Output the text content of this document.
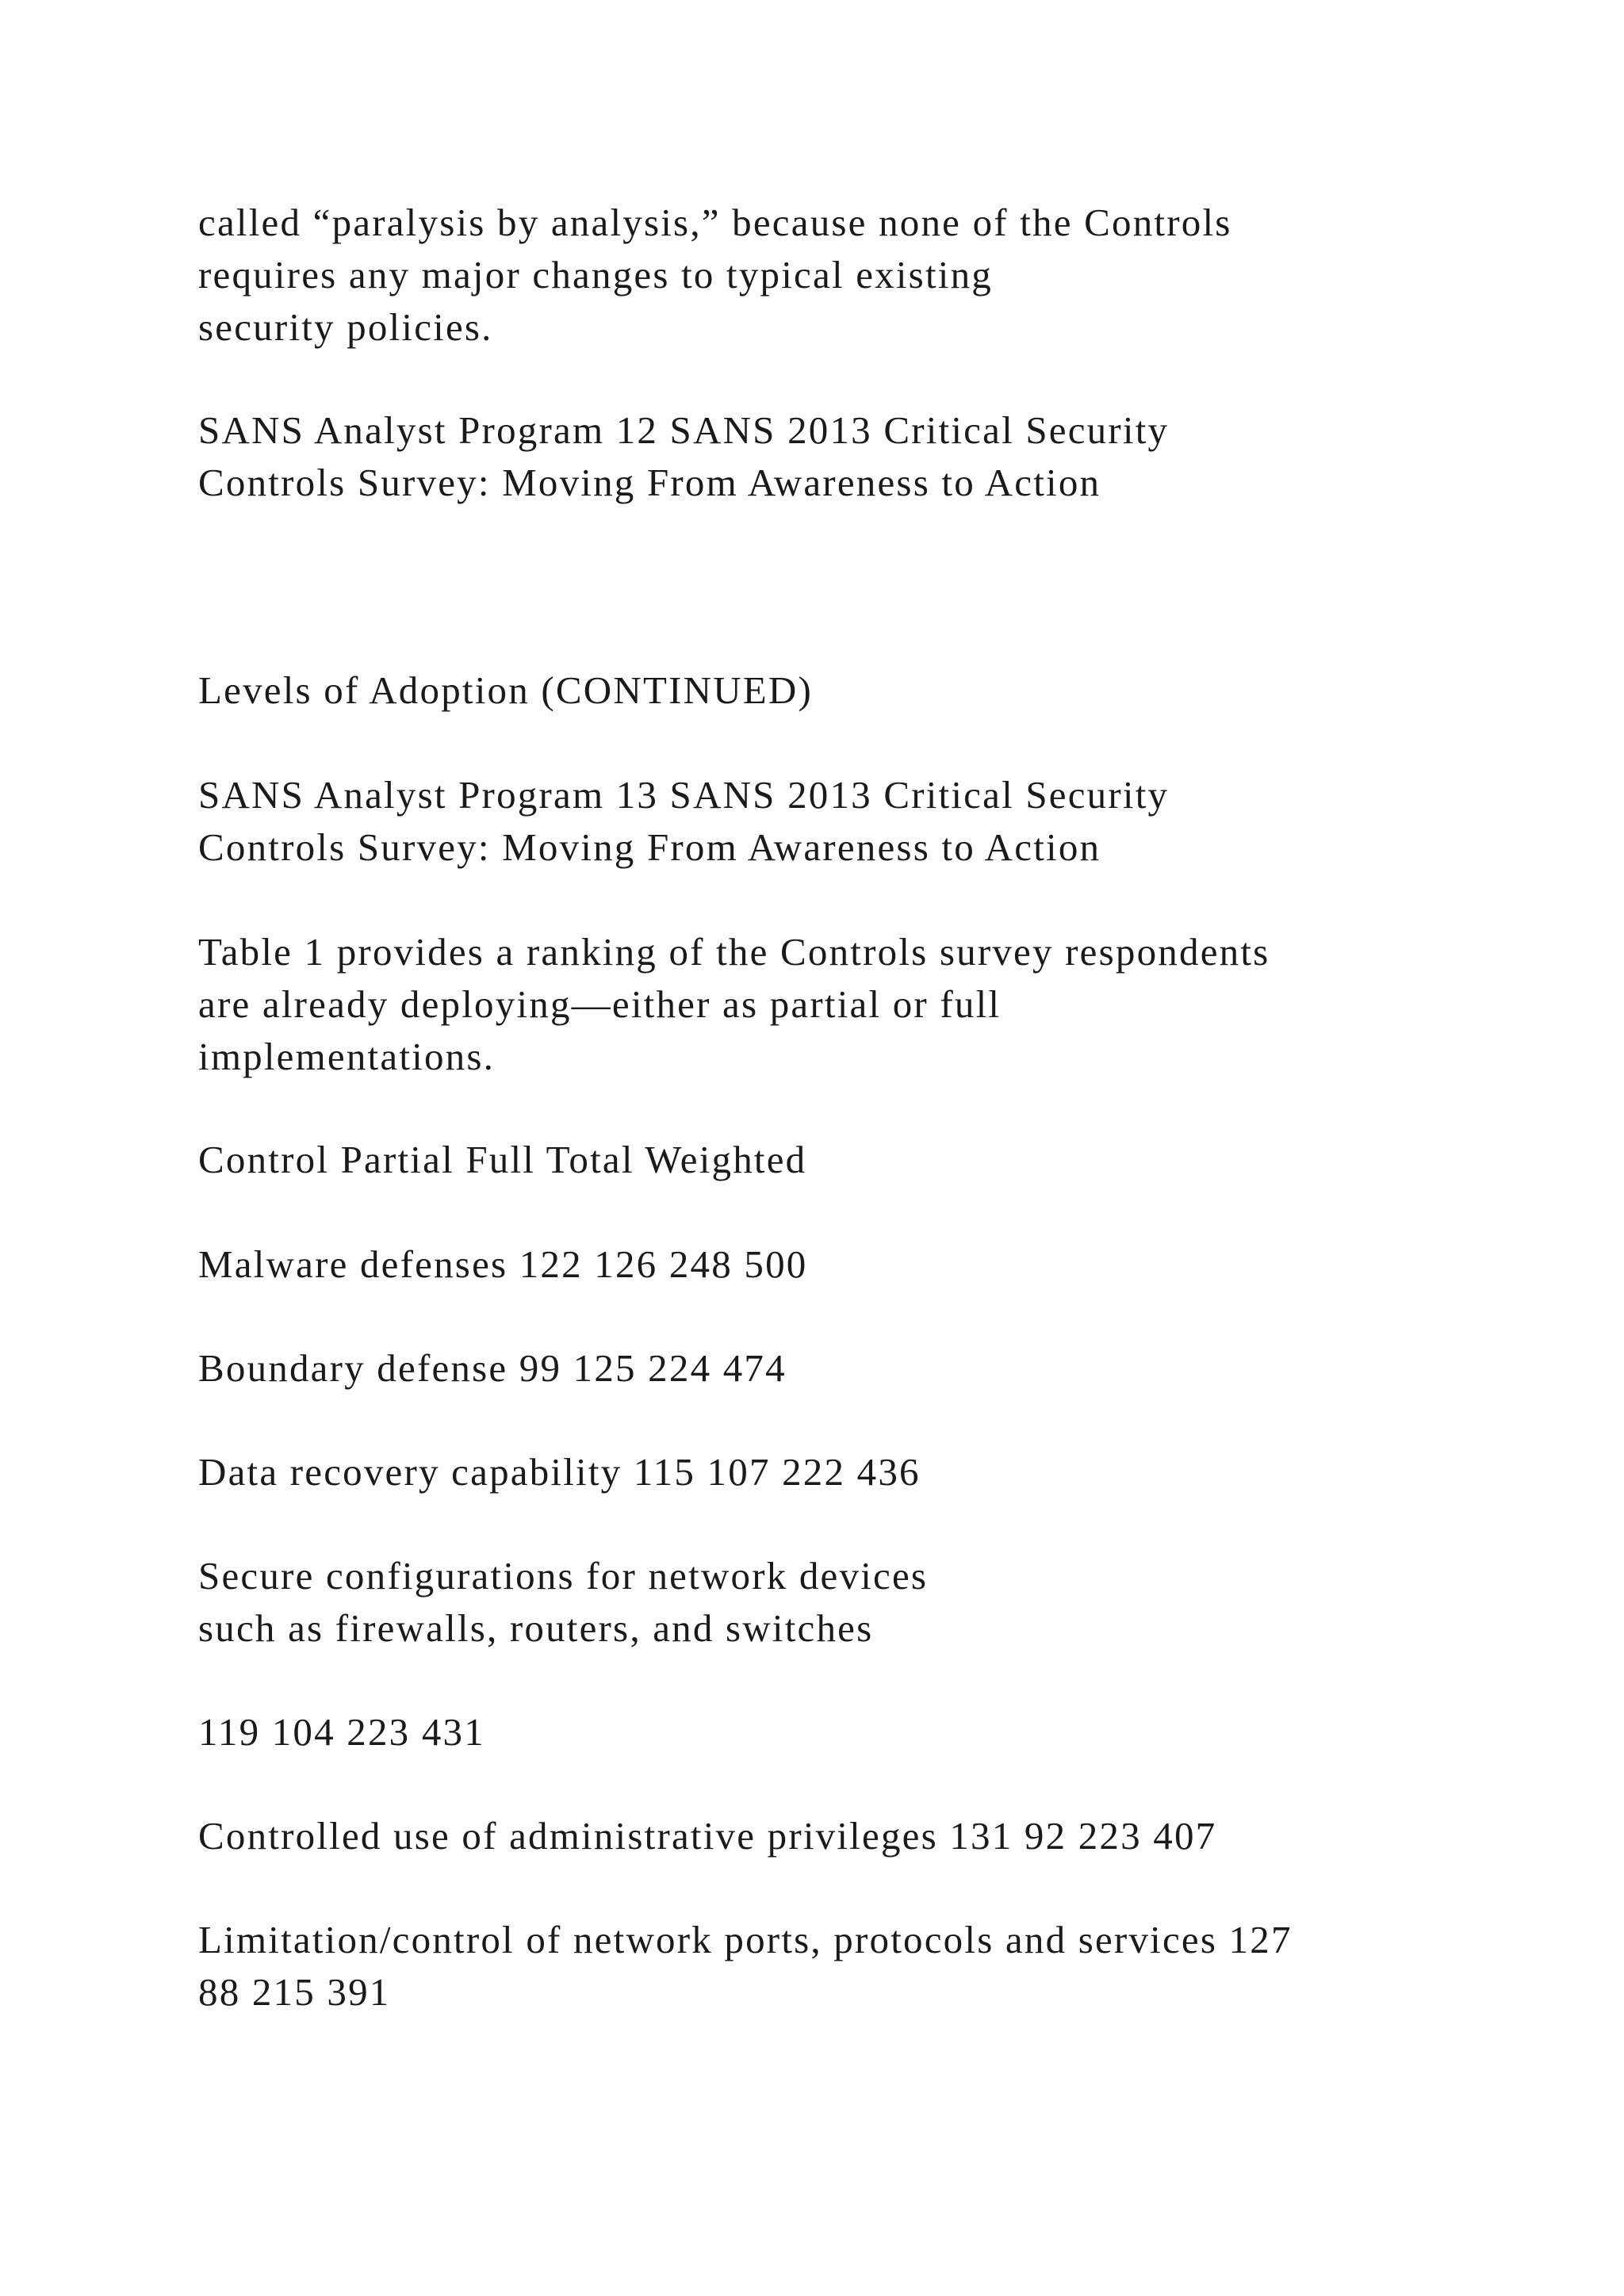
called “paralysis by analysis,” because none of the Controls
requires any major changes to typical existing
security policies.

SANS Analyst Program 12 SANS 2013 Critical Security
Controls Survey: Moving From Awareness to Action

Levels of Adoption (CONTINUED)

SANS Analyst Program 13 SANS 2013 Critical Security
Controls Survey: Moving From Awareness to Action

Table 1 provides a ranking of the Controls survey respondents
are already deploying—either as partial or full
implementations.

Control Partial Full Total Weighted

Malware defenses 122 126 248 500

Boundary defense 99 125 224 474

Data recovery capability 115 107 222 436

Secure configurations for network devices
such as firewalls, routers, and switches

119 104 223 431

Controlled use of administrative privileges 131 92 223 407

Limitation/control of network ports, protocols and services 127
88 215 391
